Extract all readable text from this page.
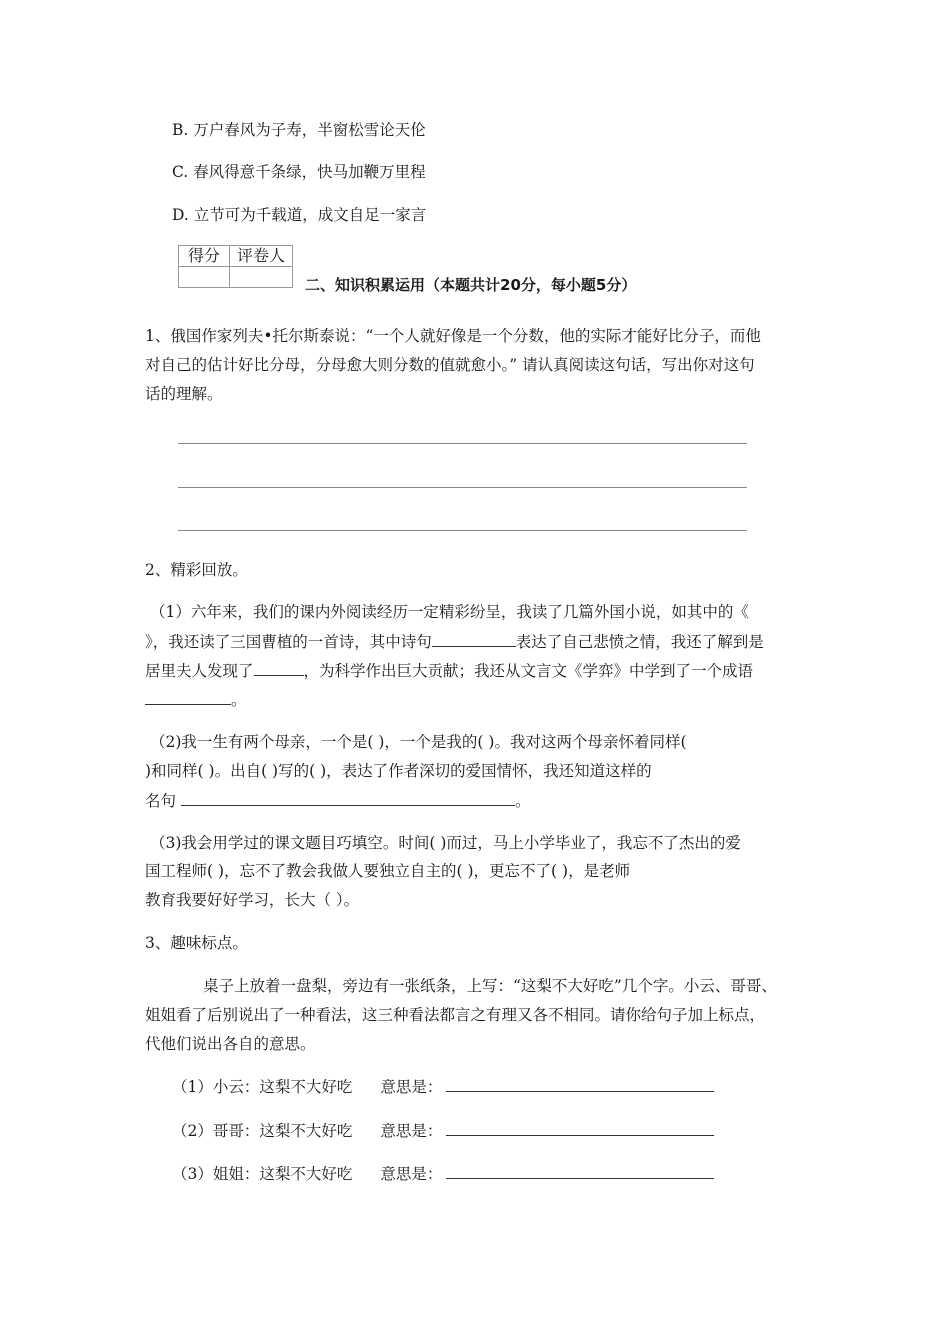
B. 万户春风为子寿，半窗松雪论天伦
C. 春风得意千条绿，快马加鞭万里程
D. 立节可为千载道，成文自足一家言
得分	评卷人

二、知识积累运用（本题共计20分，每小题5分）
1、俄国作家列夫•托尔斯泰说：“一个人就好像是一个分数，他的实际才能好比分子，而他
对自己的估计好比分母，分母愈大则分数的值就愈小。” 请认真阅读这句话，写出你对这句
话的理解。
2、精彩回放。
（1）六年来，我们的课内外阅读经历一定精彩纷呈，我读了几篇外国小说，如其中的《
》，我还读了三国曹植的一首诗，其中诗句	表达了自己悲愤之情，我还了解到是
居里夫人发现了	，为科学作出巨大贡献；我还从文言文《学弈》中学到了一个成语
。
（2)我一生有两个母亲，一个是( )，一个是我的( )。我对这两个母亲怀着同样(
)和同样( )。出自( )写的( )，表达了作者深切的爱国情怀，我还知道这样的
名句	。
（3)我会用学过的课文题目巧填空。时间( )而过，马上小学毕业了，我忘不了杰出的爱
国工程师( )，忘不了教会我做人要独立自主的( )，更忘不了( )，是老师
教育我要好好学习，长大（ ）。
3、趣味标点。
桌子上放着一盘梨，旁边有一张纸条，上写：“这梨不大好吃”几个字。小云、哥哥、
姐姐看了后别说出了一种看法，这三种看法都言之有理又各不相同。请你给句子加上标点，
代他们说出各自的意思。
（1）小云：这梨不大好吃 意思是：
（2）哥哥：这梨不大好吃 意思是：
（3）姐姐：这梨不大好吃 意思是：
